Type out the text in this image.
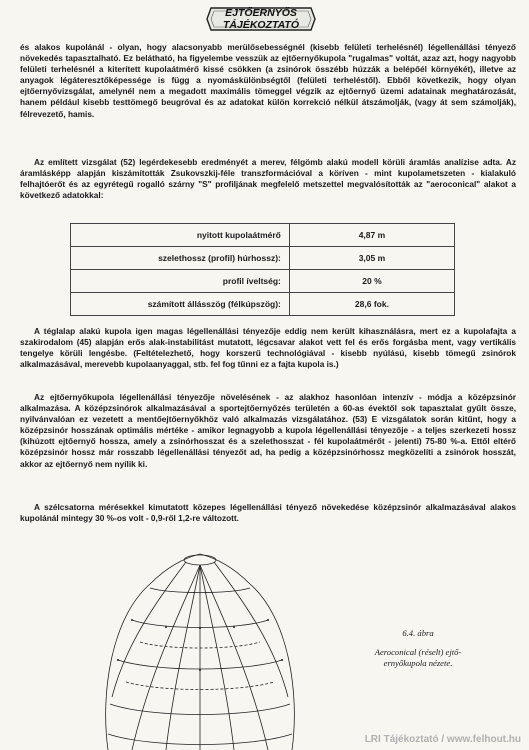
EJTŐERNYŐS
TÁJÉKOZTATÓ

és alakos kupolánál - olyan, hogy alacsonyabb merülősebességnél (kisebb felületi terhelésnél) légellenállási tényező növekedés tapasztalható. Ez belátható, ha figyelembe vesszük az ejtőernyőkupola "rugalmas" voltát, azaz azt, hogy nagyobb felületi terhelésnél a kiterített kupolaátmérő kissé csökken (a zsinórok összébb húzzák a belépőél környékét), illetve az anyagok légáteresztőképessége is függ a nyomáskülönbségtől (felületi terheléstől). Ebből következik, hogy olyan ejtőernyővizsgálat, amelynél nem a megadott maximális tömeggel végzik az ejtőernyő üzemi adatainak meghatározását, hanem például kisebb testtömegő beugróval és az adatokat külön korrekció nélkül átszámolják, (vagy át sem számolják), félrevezető, hamis.

Az említett vizsgálat (52) legérdekesebb eredményét a merev, félgömb alakú modell körüli áramlás analízise adta. Az áramlásképp alapján kiszámították Zsukovszkij-féle transzformációval a köríven - mint kupolametszeten - kialakuló felhajtóerőt és az egyrétegű rogalló szárny "S" profiljának megfelelő metszettel megvalósították az "aeroconical" alakot a következő adatokkal:

nyitott kupolaátmérő	4,87 m
szelethossz (profil) húrhossz):	3,05 m
profil íveltség:	20 %
számított állásszög (félkúpszög):	28,6 fok.

A téglalap alakú kupola igen magas légellenállási tényezője eddig nem került kihasználásra, mert ez a kupolafajta a szakirodalom (45) alapján erős alak-instabilitást mutatott, légcsavar alakot vett fel és erős forgásba ment, vagy vertikális tengelye körüli lengésbe. (Feltételezhető, hogy korszerű technológiával - kisebb nyúlású, kisebb tömegű zsinórok alkalmazásával, merevebb kupolaanyaggal, stb. fel fog tűnni ez a fajta kupola is.)

Az ejtőernyőkupola légellenállási tényezője növelésének - az alakhoz hasonlóan intenzív - módja a középzsinór alkalmazása. A középzsinórok alkalmazásával a sportejtőernyőzés területén a 60-as évektől sok tapasztalat gyűlt össze, nyilvánvalóan ez vezetett a mentőejtőernyőkhöz való alkalmazás vizsgálatához. (53) E vizsgálatok során kitűnt, hogy a középzsinór hosszának optimális mértéke - amikor legnagyobb a kupola légellenállási tényezője - a teljes szerkezeti hossz (kihúzott ejtőernyő hossza, amely a zsinórhosszat és a szelethosszat - fél kupolaátmérőt - jelenti) 75-80 %-a. Ettől eltérő középzsinór hossz már rosszabb légellenállási tényezőt ad, ha pedig a középzsinórhossz megközelíti a zsinórok hosszát, akkor az ejtőernyő nem nyílik ki.

A szélcsatorna mérésekkel kimutatott közepes légellenállási tényező növekedése középzsinór alkalmazásával alakos kupolánál mintegy 30 %-os volt - 0,9-ről 1,2-re változott.

6.4. ábra
Aeroconical (réselt) ejtő-
ernyőkupola nézete.
LRI Tájékoztató / www.felhout.hu
